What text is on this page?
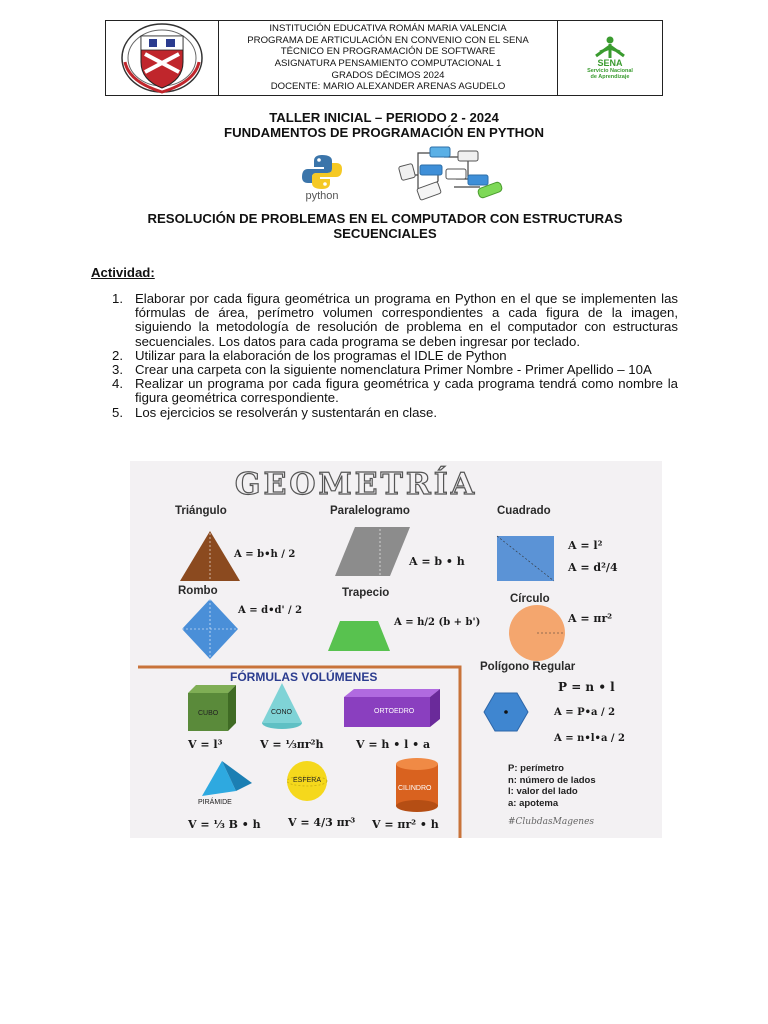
INSTITUCIÓN EDUCATIVA ROMÁN MARIA VALENCIA
PROGRAMA DE ARTICULACIÓN EN CONVENIO CON EL SENA
TÉCNICO EN PROGRAMACIÓN DE SOFTWARE
ASIGNATURA PENSAMIENTO COMPUTACIONAL 1
GRADOS DÉCIMOS 2024
DOCENTE: MARIO ALEXANDER ARENAS AGUDELO
SENA
Servicio Nacional
de Aprendizaje
TALLER INICIAL – PERIODO 2 - 2024
FUNDAMENTOS DE PROGRAMACIÓN EN PYTHON
python
RESOLUCIÓN DE PROBLEMAS EN EL COMPUTADOR CON ESTRUCTURAS SECUENCIALES
Actividad:
1. Elaborar por cada figura geométrica un programa en Python en el que se implementen las fórmulas de área, perímetro volumen correspondientes a cada figura de la imagen, siguiendo la metodología de resolución de problema en el computador con estructuras secuenciales. Los datos para cada programa se deben ingresar por teclado.
2. Utilizar para la elaboración de los programas el IDLE de Python
3. Crear una carpeta con la siguiente nomenclatura Primer Nombre - Primer Apellido – 10A
4. Realizar un programa por cada figura geométrica y cada programa tendrá como nombre la figura geométrica correspondiente.
5. Los ejercicios se resolverán y sustentarán en clase.
GEOMETRÍA
Triángulo	Paralelogramo	Cuadrado
Rombo	Trapecio	Círculo
FÓRMULAS VOLÚMENES
Polígono Regular
A = b•h / 2
A = b • h
A = l²
A = d²/4
A = d•d' / 2
A = h/2 (b + b')	A = πr²
P = n • l
A = P•a / 2
A = n•l•a / 2
CUBO	CONO	ORTOEDRO
PIRÁMIDE
ESFERA
CILINDRO
V = l³	V = ⅓πr²h	V = h • l • a
V = ⅓ B • h V = 4/3 πr³ V = πr² • h
P: perímetro
n: número de lados
l: valor del lado
a: apotema
#ClubdasMagenes
